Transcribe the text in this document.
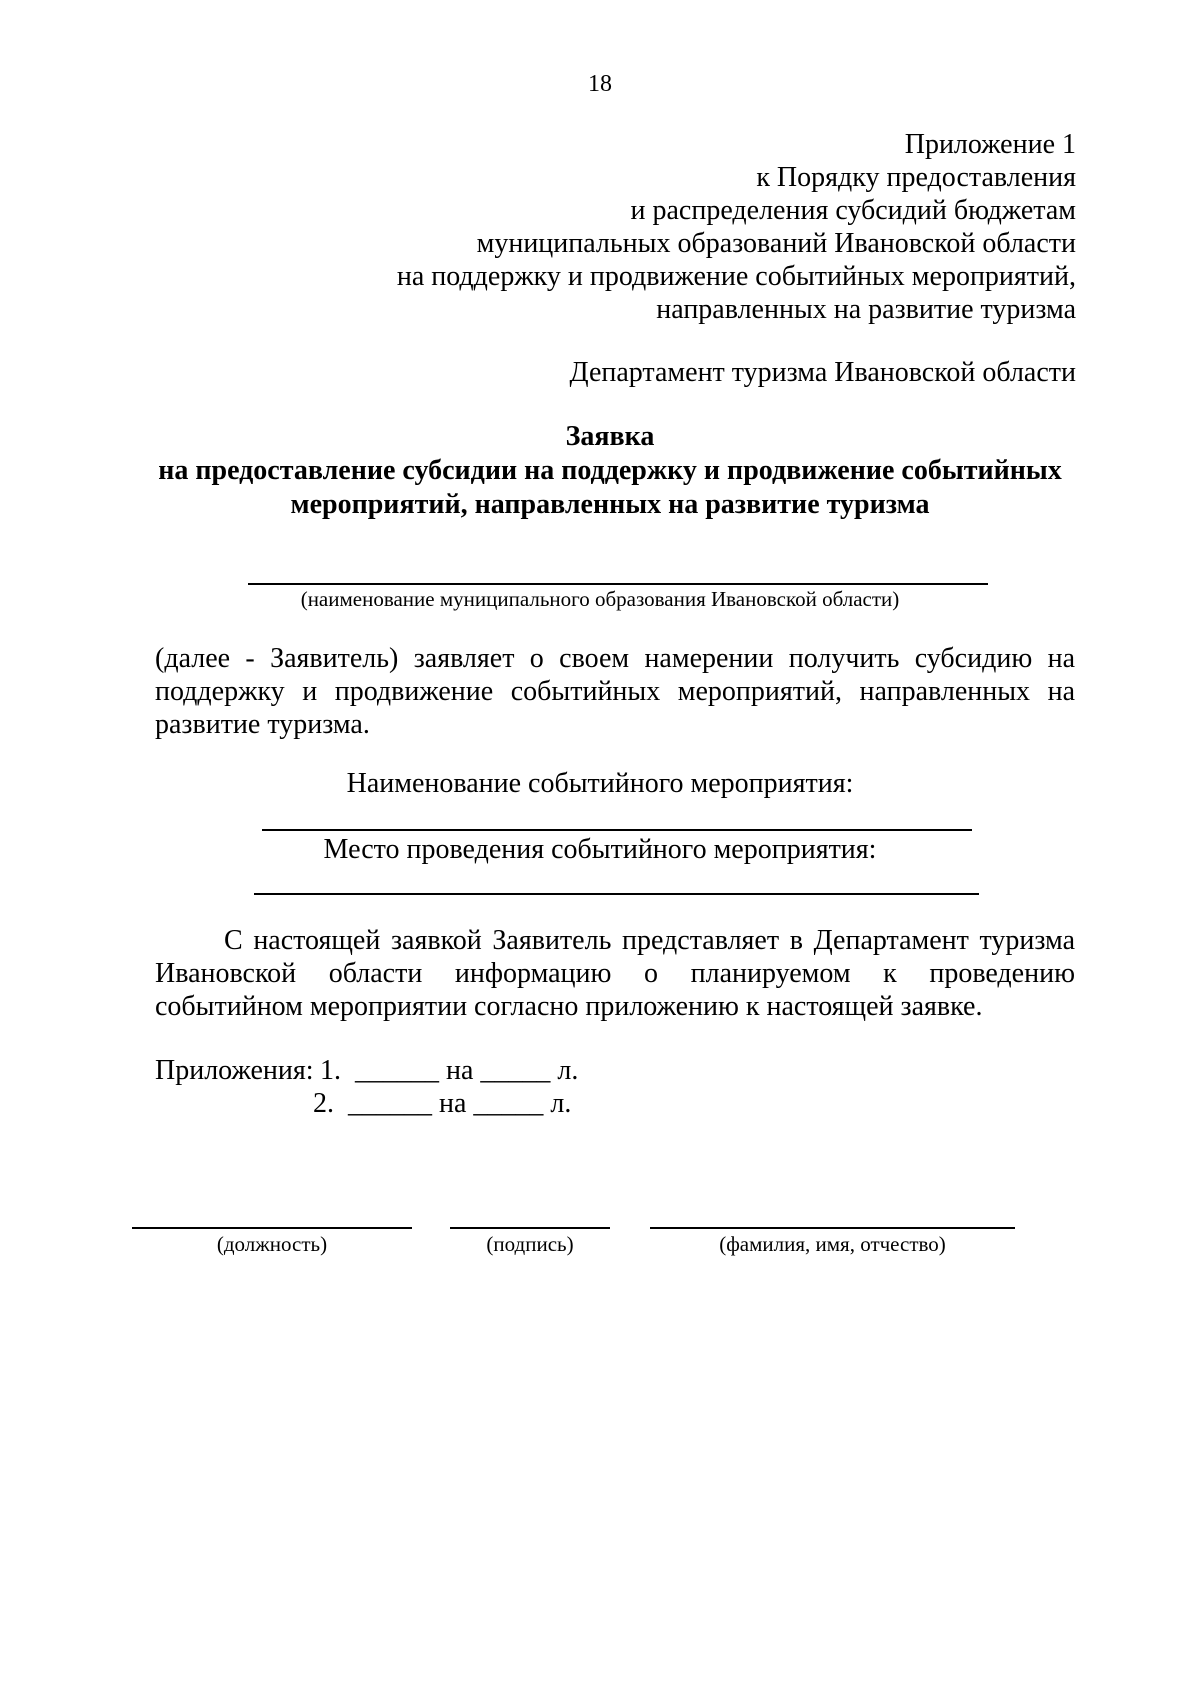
18
Приложение 1
к Порядку предоставления
и распределения субсидий бюджетам
муниципальных образований Ивановской области
на поддержку и продвижение событийных мероприятий,
направленных на развитие туризма
Департамент туризма Ивановской области
Заявка
на предоставление субсидии на поддержку и продвижение событийных
мероприятий, направленных на развитие туризма
(наименование муниципального образования Ивановской области)
(далее - Заявитель) заявляет о своем намерении получить субсидию на поддержку и продвижение событийных мероприятий, направленных на развитие туризма.
Наименование событийного мероприятия:
Место проведения событийного мероприятия:
С настоящей заявкой Заявитель представляет в Департамент туризма Ивановской области информацию о планируемом к проведению событийном мероприятии согласно приложению к настоящей заявке.
Приложения: 1. ______ на _____ л.
2. ______ на _____ л.
(должность)	(подпись)	(фамилия, имя, отчество)
